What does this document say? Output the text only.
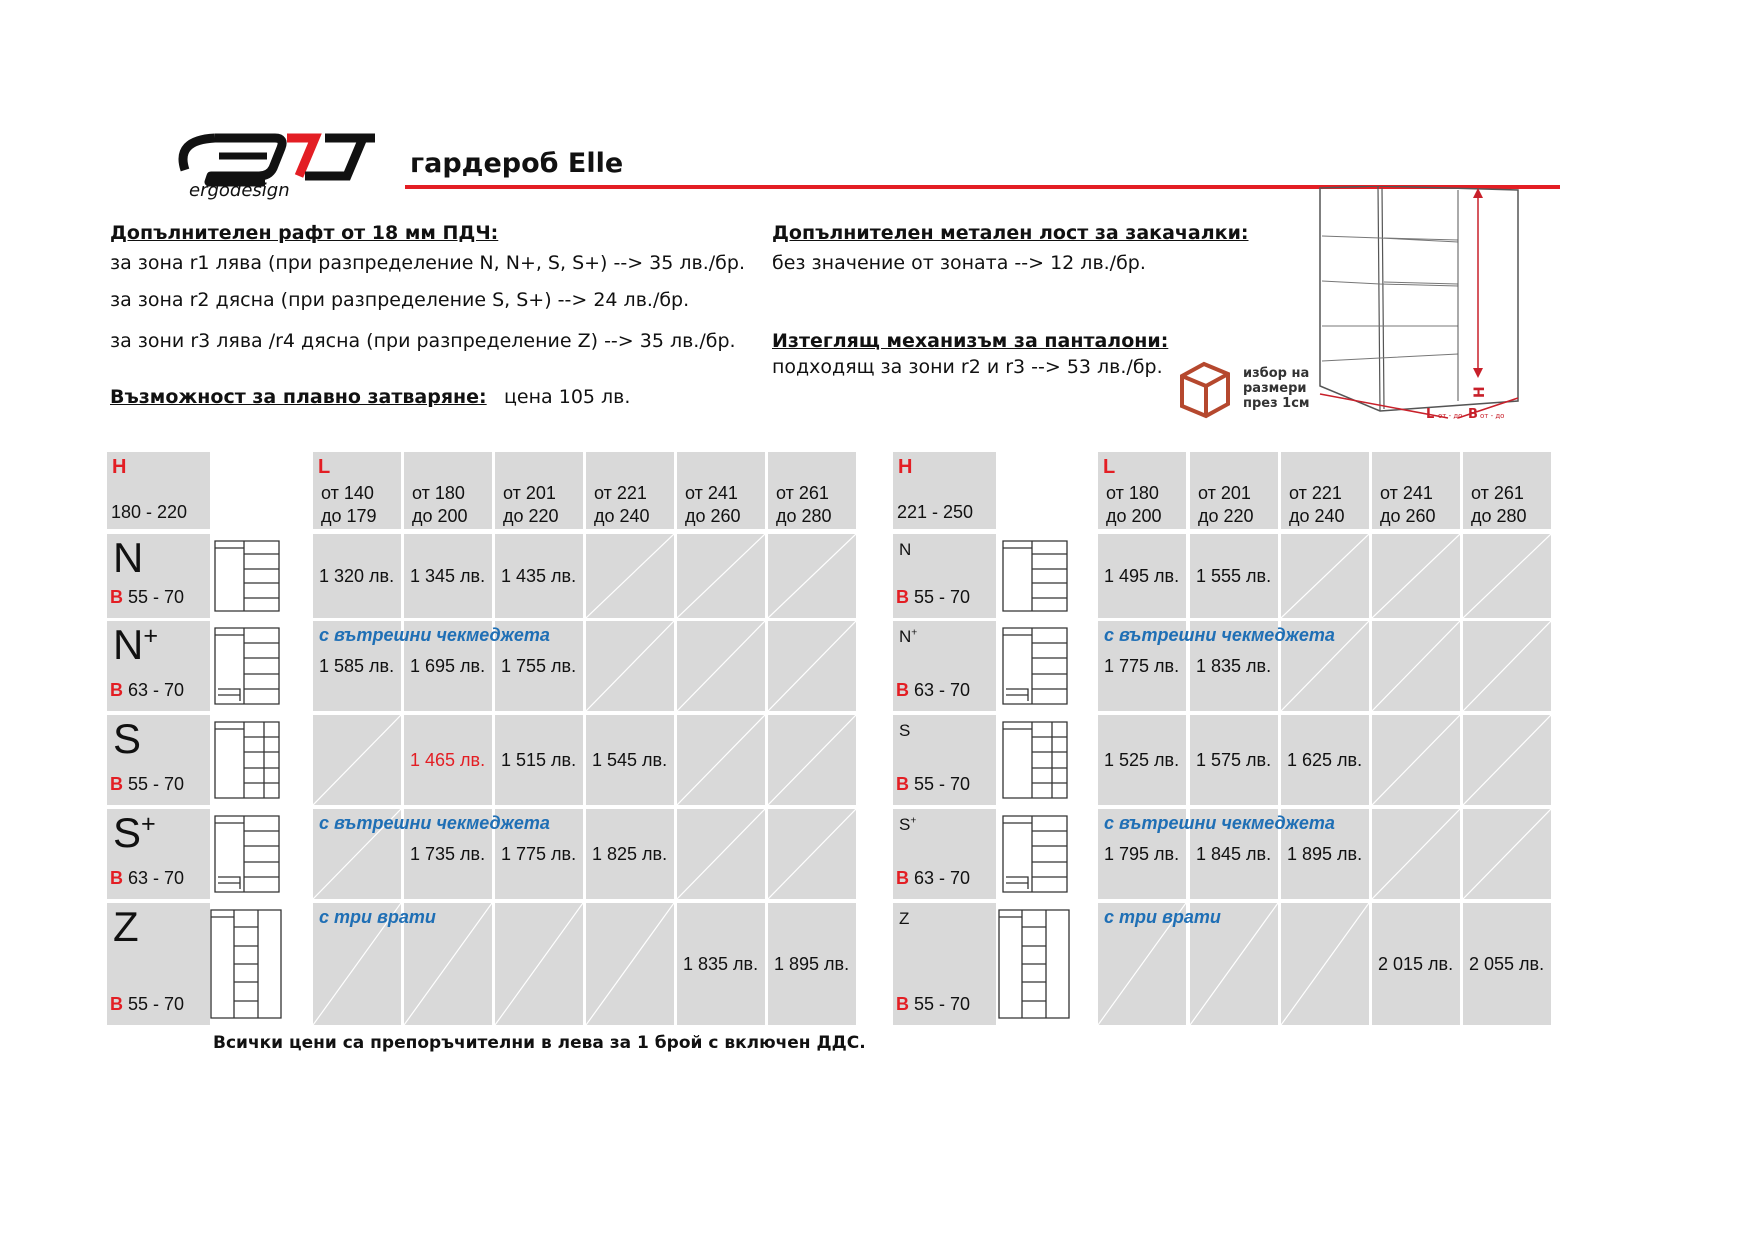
ergodesign
гардероб Elle
Допълнителен рафт от 18 мм ПДЧ:
за зона r1 лява (при разпределение N, N+, S, S+) --> 35 лв./бр.
за зона r2 дясна (при разпределение S, S+) --> 24 лв./бр.
за зони r3 лява /r4 дясна (при разпределение Z) --> 35 лв./бр.
Възможност за плавно затваряне: цена 105 лв.
Допълнителен метален лост за закачалки:
без значение от зоната --> 12 лв./бр.
Изтеглящ механизъм за панталони:
подходящ за зони r2 и r3 --> 53 лв./бр.	избор на
размери
през 1см
H
L от - до B от - до
H
180 - 220
L
от 140
до 179
от 180
до 200
от 201
до 220
от 221
до 240
от 241
до 260
от 261
до 280
N
B 55 - 70
1 320 лв. 1 345 лв. 1 435 лв.
N+
B 63 - 70
1 585 лв. 1 695 лв. 1 755 лв.
с вътрешни чекмеджета
S
B 55 - 70
1 465 лв. 1 515 лв. 1 545 лв.
S+
B 63 - 70
1 735 лв. 1 775 лв. 1 825 лв.
с вътрешни чекмеджета
Z
B 55 - 70
1 835 лв. 1 895 лв.
с три врати
H
221 - 250
L
от 180
до 200
от 201
до 220
от 221
до 240
от 241
до 260
от 261
до 280
N
B 55 - 70
1 495 лв. 1 555 лв.
N+
B 63 - 70
1 775 лв. 1 835 лв.
с вътрешни чекмеджета
S
B 55 - 70
1 525 лв. 1 575 лв. 1 625 лв.
S+
B 63 - 70
1 795 лв. 1 845 лв. 1 895 лв.
с вътрешни чекмеджета
Z
B 55 - 70
2 015 лв. 2 055 лв.
с три врати
Всички цени са препоръчителни в лева за 1 брой с включен ДДС.
